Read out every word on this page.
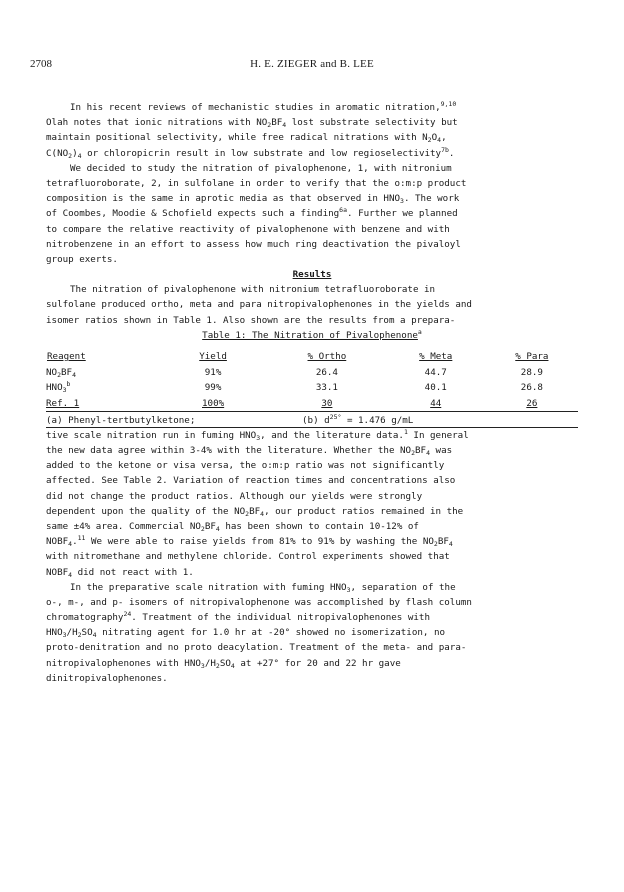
2708	H. E. ZIEGER and B. LEE
In his recent reviews of mechanistic studies in aromatic nitration,$^{9,10}$
Olah notes that ionic nitrations with $NO_2BF_4$ lost substrate selectivity but
maintain positional selectivity, while free radical nitrations with $N_2O_4$,
$C(NO_2)_4$ or chloropicrin result in low substrate and low regioselectivity$^{7b}$.
We decided to study the nitration of pivalophenone, 1, with nitronium
tetrafluoroborate, 2, in sulfolane in order to verify that the o:m:p product
composition is the same in aprotic media as that observed in $HNO_3$. The work
of Coombes, Moodie & Schofield expects such a finding$^{6a}$. Further we planned
to compare the relative reactivity of pivalophenone with benzene and with
nitrobenzene in an effort to assess how much ring deactivation the pivaloyl
group exerts.
Results
The nitration of pivalophenone with nitronium tetrafluoroborate in
sulfolane produced ortho, meta and para nitropivalophenones in the yields and
isomer ratios shown in Table 1. Also shown are the results from a prepara-
Table 1: The Nitration of Pivalophenone$^a$
Reagent	Yield	% Ortho	% Meta	% Para
$NO_2BF_4$	91%	26.4	44.7	28.9
$HNO_3^b$	99%	33.1	40.1	26.8
Ref. 1	100%	30	44	26
(a) Phenyl-tertbutylketone;	(b) $d^{25^\circ} = 1.476$ g/mL
tive scale nitration run in fuming $HNO_3$, and the literature data.$^1$ In general
the new data agree within 3-4% with the literature. Whether the $NO_2BF_4$ was
added to the ketone or visa versa, the o:m:p ratio was not significantly
affected. See Table 2. Variation of reaction times and concentrations also
did not change the product ratios. Although our yields were strongly
dependent upon the quality of the $NO_2BF_4$, our product ratios remained in the
same ±4% area. Commercial $NO_2BF_4$ has been shown to contain 10-12% of
$NOBF_4.^{11}$ We were able to raise yields from 81% to 91% by washing the $NO_2BF_4$
with nitromethane and methylene chloride. Control experiments showed that
$NOBF_4$ did not react with 1.
In the preparative scale nitration with fuming $HNO_3$, separation of the
o-, m-, and p- isomers of nitropivalophenone was accomplished by flash column
chromatography$^{24}$. Treatment of the individual nitropivalophenones with
$HNO_3/H_2SO_4$ nitrating agent for 1.0 hr at -20° showed no isomerization, no
proto-denitration and no proto deacylation. Treatment of the meta- and para-
nitropivalophenones with $HNO_3/H_2SO_4$ at +27° for 20 and 22 hr gave
dinitropivalophenones.
